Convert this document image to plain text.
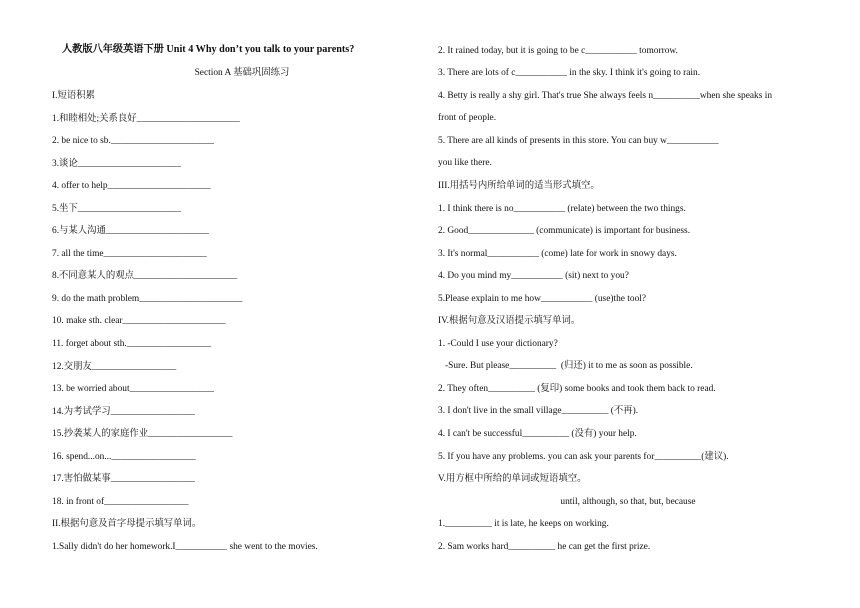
人教版八年级英语下册 Unit 4 Why don’t you talk to your parents?
Section A 基础巩固练习
I.短语积累
1.和睦相处;关系良好______________________
2. be nice to sb.______________________
3.谈论______________________
4. offer to help______________________
5.坐下______________________
6.与某人沟通______________________
7. all the time______________________
8.不同意某人的观点______________________
9. do the math problem______________________
10. make sth. clear______________________
11. forget about sth.__________________
12.交朋友__________________
13. be worried about__________________
14.为考试学习__________________
15.抄袭某人的家庭作业__________________
16. spend...on...__________________
17.害怕做某事__________________
18. in front of__________________
II.根据句意及首字母提示填写单词。
1.Sally didn't do her homework.I___________ she went to the movies.
2. It rained today, but it is going to be c___________ tomorrow.
3. There are lots of c___________ in the sky. I think it's going to rain.
4. Betty is really a shy girl. That's true She always feels n__________when she speaks in
front of people.
5. There are all kinds of presents in this store. You can buy w___________
you like there.
III.用括号内所给单词的适当形式填空。
1. I think there is no___________ (relate) between the two things.
2. Good______________ (communicate) is important for business.
3. It's normal___________ (come) late for work in snowy days.
4. Do you mind my___________ (sit) next to you?
5.Please explain to me how___________ (use)the tool?
IV.根据句意及汉语提示填写单词。
1. -Could I use your dictionary?
-Sure. But please__________  (归还) it to me as soon as possible.
2. They often__________ (复印) some books and took them back to read.
3. I don't live in the small village__________ (不再).
4. I can't be successful__________ (没有) your help.
5. If you have any problems. you can ask your parents for__________(建议).
V.用方框中所给的单词或短语填空。
until, although, so that, but, because
1.__________ it is late, he keeps on working.
2. Sam works hard__________ he can get the first prize.
